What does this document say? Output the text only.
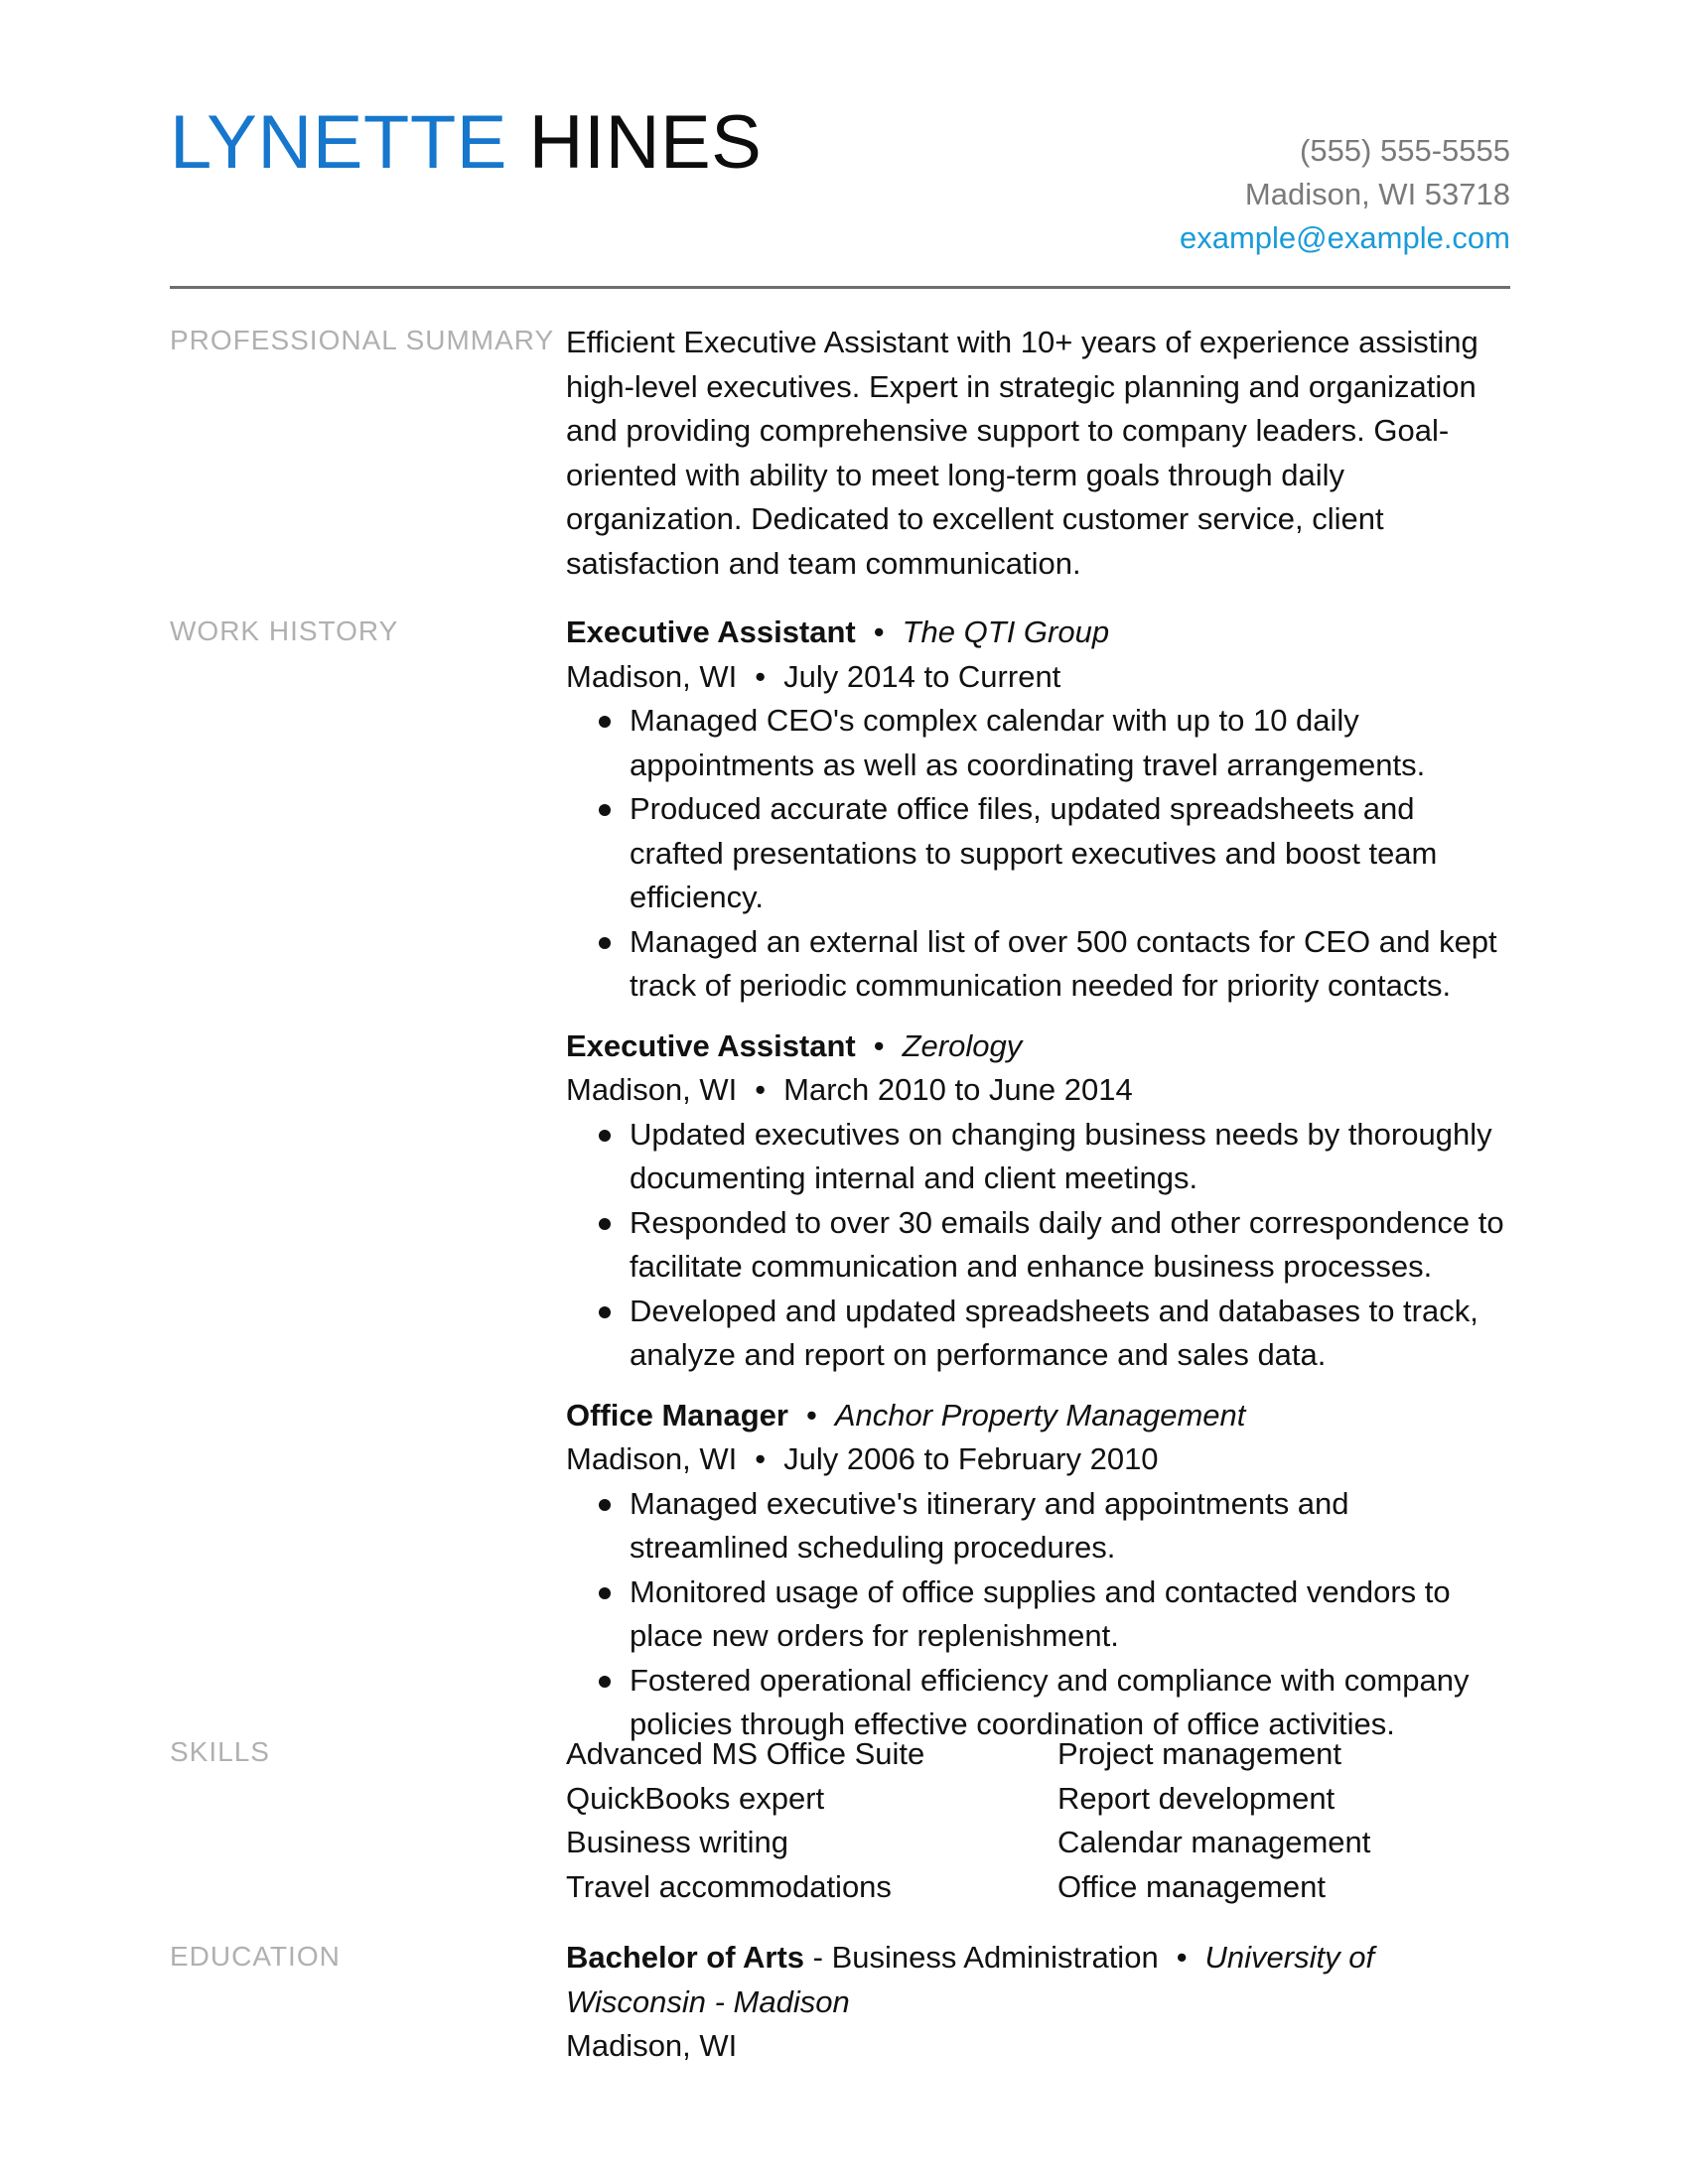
LYNETTE HINES	(555) 555-5555
Madison, WI 53718
example@example.com
PROFESSIONAL SUMMARY Efficient Executive Assistant with 10+ years of experience assisting high-level executives. Expert in strategic planning and organization and providing comprehensive support to company leaders. Goal-oriented with ability to meet long-term goals through daily organization. Dedicated to excellent customer service, client satisfaction and team communication.
WORK HISTORY	Executive Assistant • The QTI Group
Madison, WI • July 2014 to Current
Managed CEO's complex calendar with up to 10 daily appointments as well as coordinating travel arrangements.
Produced accurate office files, updated spreadsheets and crafted presentations to support executives and boost team efficiency.
Managed an external list of over 500 contacts for CEO and kept track of periodic communication needed for priority contacts.
Executive Assistant • Zerology
Madison, WI • March 2010 to June 2014
Updated executives on changing business needs by thoroughly documenting internal and client meetings.
Responded to over 30 emails daily and other correspondence to facilitate communication and enhance business processes.
Developed and updated spreadsheets and databases to track, analyze and report on performance and sales data.
Office Manager • Anchor Property Management
Madison, WI • July 2006 to February 2010
Managed executive's itinerary and appointments and streamlined scheduling procedures.
Monitored usage of office supplies and contacted vendors to place new orders for replenishment.
Fostered operational efficiency and compliance with company policies through effective coordination of office activities.
SKILLS	Advanced MS Office Suite	Project management
QuickBooks expert	Report development
Business writing	Calendar management
Travel accommodations	Office management
EDUCATION	Bachelor of Arts - Business Administration • University of Wisconsin - Madison
Madison, WI
